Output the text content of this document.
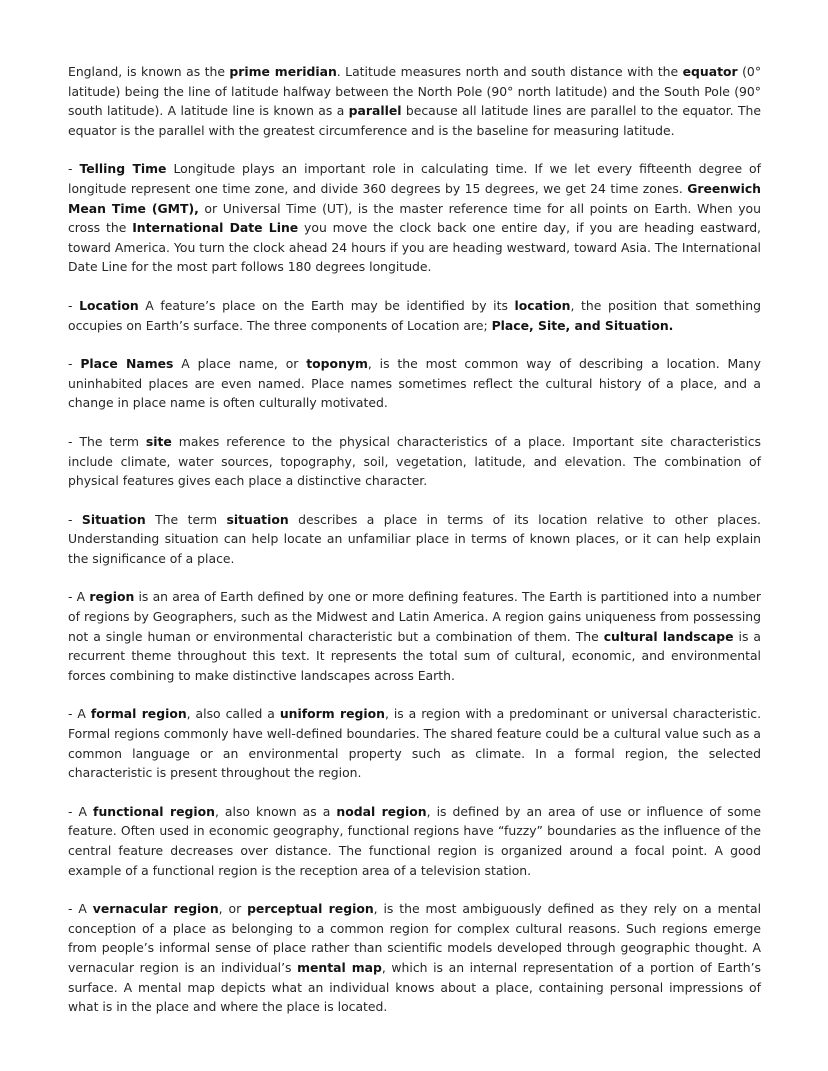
England, is known as the prime meridian. Latitude measures north and south distance with the equator (0° latitude) being the line of latitude halfway between the North Pole (90° north latitude) and the South Pole (90° south latitude). A latitude line is known as a parallel because all latitude lines are parallel to the equator. The equator is the parallel with the greatest circumference and is the baseline for measuring latitude.

- Telling Time Longitude plays an important role in calculating time. If we let every fifteenth degree of longitude represent one time zone, and divide 360 degrees by 15 degrees, we get 24 time zones. Greenwich Mean Time (GMT), or Universal Time (UT), is the master reference time for all points on Earth. When you cross the International Date Line you move the clock back one entire day, if you are heading eastward, toward America. You turn the clock ahead 24 hours if you are heading westward, toward Asia. The International Date Line for the most part follows 180 degrees longitude.

- Location A feature’s place on the Earth may be identified by its location, the position that something occupies on Earth’s surface. The three components of Location are; Place, Site, and Situation.

- Place Names A place name, or toponym, is the most common way of describing a location. Many uninhabited places are even named. Place names sometimes reflect the cultural history of a place, and a change in place name is often culturally motivated.

- The term site makes reference to the physical characteristics of a place. Important site characteristics include climate, water sources, topography, soil, vegetation, latitude, and elevation. The combination of physical features gives each place a distinctive character.

- Situation The term situation describes a place in terms of its location relative to other places. Understanding situation can help locate an unfamiliar place in terms of known places, or it can help explain the significance of a place.

- A region is an area of Earth defined by one or more defining features. The Earth is partitioned into a number of regions by Geographers, such as the Midwest and Latin America. A region gains uniqueness from possessing not a single human or environmental characteristic but a combination of them. The cultural landscape is a recurrent theme throughout this text. It represents the total sum of cultural, economic, and environmental forces combining to make distinctive landscapes across Earth.

- A formal region, also called a uniform region, is a region with a predominant or universal characteristic. Formal regions commonly have well-defined boundaries. The shared feature could be a cultural value such as a common language or an environmental property such as climate. In a formal region, the selected characteristic is present throughout the region.

- A functional region, also known as a nodal region, is defined by an area of use or influence of some feature. Often used in economic geography, functional regions have “fuzzy” boundaries as the influence of the central feature decreases over distance. The functional region is organized around a focal point. A good example of a functional region is the reception area of a television station.

- A vernacular region, or perceptual region, is the most ambiguously defined as they rely on a mental conception of a place as belonging to a common region for complex cultural reasons. Such regions emerge from people’s informal sense of place rather than scientific models developed through geographic thought. A vernacular region is an individual’s mental map, which is an internal representation of a portion of Earth’s surface. A mental map depicts what an individual knows about a place, containing personal impressions of what is in the place and where the place is located.
